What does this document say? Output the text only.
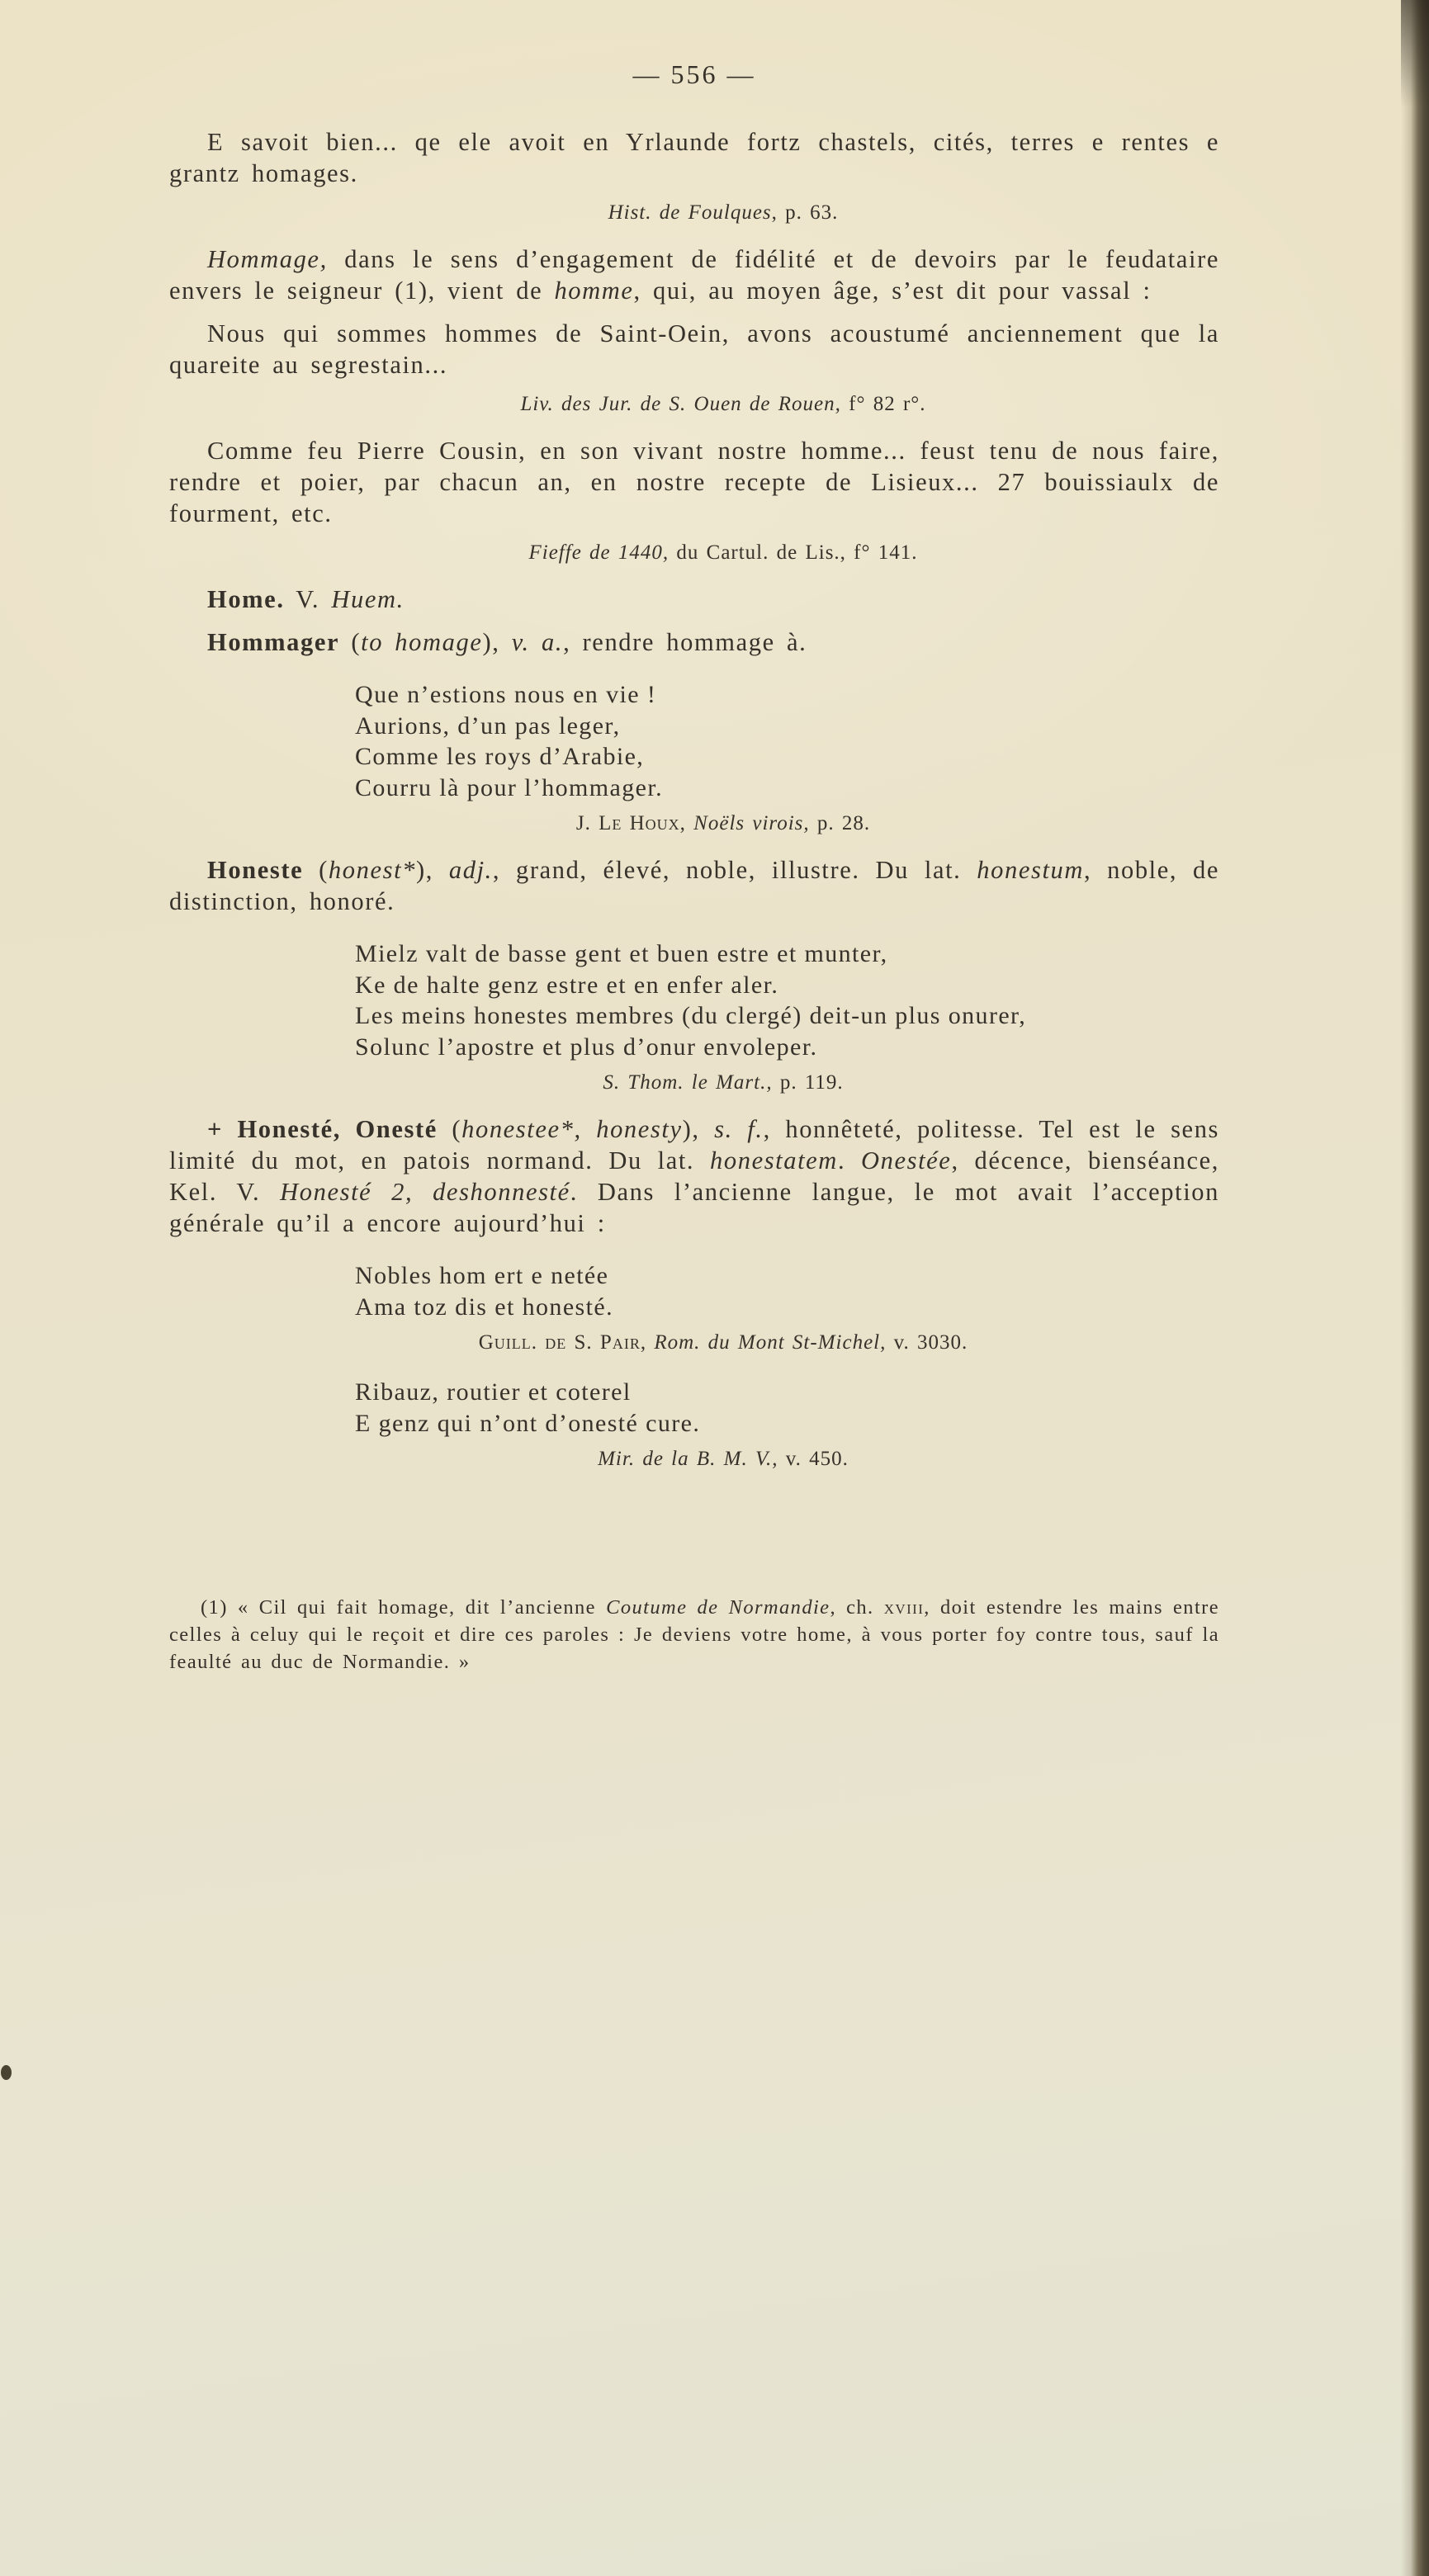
— 556 —
E savoit bien... qe ele avoit en Yrlaunde fortz chastels, cités, terres e rentes e grantz homages.
Hist. de Foulques, p. 63.
Hommage, dans le sens d’engagement de fidélité et de devoirs par le feudataire envers le seigneur (1), vient de homme, qui, au moyen âge, s’est dit pour vassal :
Nous qui sommes hommes de Saint-Oein, avons acoustumé anciennement que la quareite au segrestain...
Liv. des Jur. de S. Ouen de Rouen, f° 82 r°.
Comme feu Pierre Cousin, en son vivant nostre homme... feust tenu de nous faire, rendre et poier, par chacun an, en nostre recepte de Lisieux... 27 bouissiaulx de fourment, etc.
Fieffe de 1440, du Cartul. de Lis., f° 141.
Home. V. Huem.
Hommager (to homage), v. a., rendre hommage à.
Que n’estions nous en vie !
Aurions, d’un pas leger,
Comme les roys d’Arabie,
Courru là pour l’hommager.
J. Le Houx, Noëls virois, p. 28.
Honeste (honest*), adj., grand, élevé, noble, illustre. Du lat. honestum, noble, de distinction, honoré.
Mielz valt de basse gent et buen estre et munter,
Ke de halte genz estre et en enfer aler.
Les meins honestes membres (du clergé) deit-un plus onurer,
Solunc l’apostre et plus d’onur envoleper.
S. Thom. le Mart., p. 119.
+ Honesté, Onesté (honestee*, honesty), s. f., honnêteté, politesse. Tel est le sens limité du mot, en patois normand. Du lat. honestatem. Onestée, décence, bienséance, Kel. V. Honesté 2, deshonnesté. Dans l’ancienne langue, le mot avait l’acception générale qu’il a encore aujourd’hui :
Nobles hom ert e netée
Ama toz dis et honesté.
Guill. de S. Pair, Rom. du Mont St-Michel, v. 3030.
Ribauz, routier et coterel
E genz qui n’ont d’onesté cure.
Mir. de la B. M. V., v. 450.
(1) « Cil qui fait homage, dit l’ancienne Coutume de Normandie, ch. xviii, doit estendre les mains entre celles à celuy qui le reçoit et dire ces paroles : Je deviens votre home, à vous porter foy contre tous, sauf la feaulté au duc de Normandie. »
